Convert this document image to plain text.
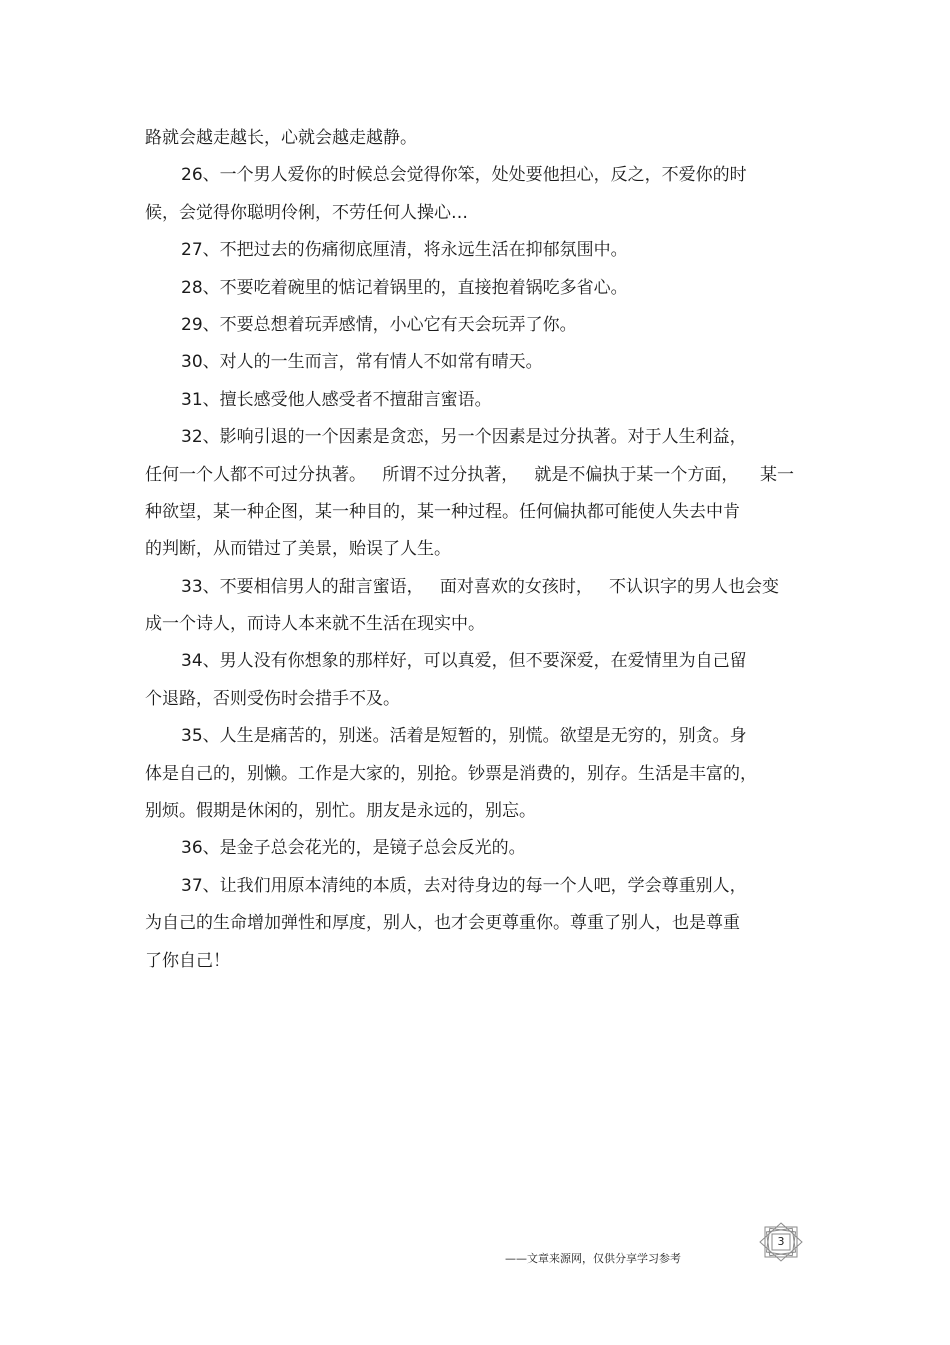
路就会越走越长，心就会越走越静。
26、一个男人爱你的时候总会觉得你笨，处处要他担心，反之，不爱你的时
候，会觉得你聪明伶俐，不劳任何人操心…
27、不把过去的伤痛彻底厘清，将永远生活在抑郁氛围中。
28、不要吃着碗里的惦记着锅里的，直接抱着锅吃多省心。
29、不要总想着玩弄感情，小心它有天会玩弄了你。
30、对人的一生而言，常有情人不如常有晴天。
31、擅长感受他人感受者不擅甜言蜜语。
32、影响引退的一个因素是贪恋，另一个因素是过分执著。对于人生利益，
任何一个人都不可过分执著。   所谓不过分执著，   就是不偏执于某一个方面，    某一
种欲望，某一种企图，某一种目的，某一种过程。任何偏执都可能使人失去中肯
的判断，从而错过了美景，贻误了人生。
33、不要相信男人的甜言蜜语，   面对喜欢的女孩时，   不认识字的男人也会变
成一个诗人，而诗人本来就不生活在现实中。
34、男人没有你想象的那样好，可以真爱，但不要深爱，在爱情里为自己留
个退路，否则受伤时会措手不及。
35、人生是痛苦的，别迷。活着是短暂的，别慌。欲望是无穷的，别贪。身
体是自己的，别懒。工作是大家的，别抢。钞票是消费的，别存。生活是丰富的，
别烦。假期是休闲的，别忙。朋友是永远的，别忘。
36、是金子总会花光的，是镜子总会反光的。
37、让我们用原本清纯的本质，去对待身边的每一个人吧，学会尊重别人，
为自己的生命增加弹性和厚度，别人，也才会更尊重你。尊重了别人，也是尊重
了你自己！
——文章来源网，仅供分享学习参考
3
